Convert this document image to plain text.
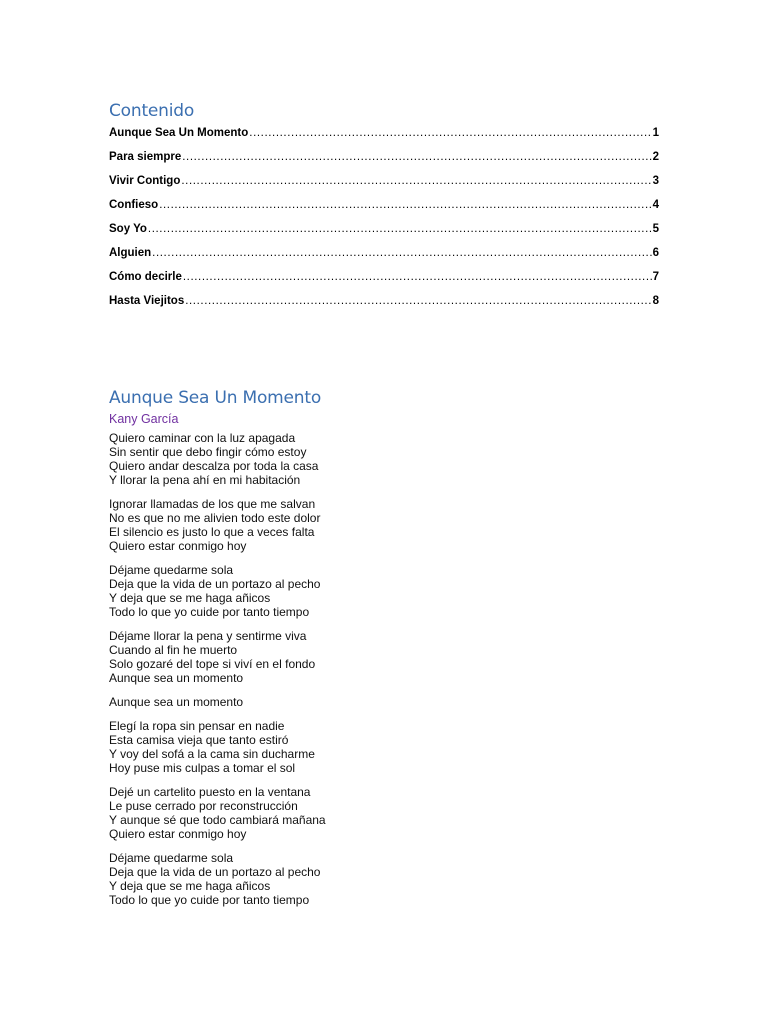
Contenido
Aunque Sea Un Momento .....	1
Para siempre .....	2
Vivir Contigo .....	3
Confieso .....	4
Soy Yo .....	5
Alguien .....	6
Cómo decirle .....	7
Hasta Viejitos .....	8
Aunque Sea Un Momento
Kany García
Quiero caminar con la luz apagada
Sin sentir que debo fingir cómo estoy
Quiero andar descalza por toda la casa
Y llorar la pena ahí en mi habitación
Ignorar llamadas de los que me salvan
No es que no me alivien todo este dolor
El silencio es justo lo que a veces falta
Quiero estar conmigo hoy
Déjame quedarme sola
Deja que la vida de un portazo al pecho
Y deja que se me haga añicos
Todo lo que yo cuide por tanto tiempo
Déjame llorar la pena y sentirme viva
Cuando al fin he muerto
Solo gozaré del tope si viví en el fondo
Aunque sea un momento
Aunque sea un momento
Elegí la ropa sin pensar en nadie
Esta camisa vieja que tanto estiró
Y voy del sofá a la cama sin ducharme
Hoy puse mis culpas a tomar el sol
Dejé un cartelito puesto en la ventana
Le puse cerrado por reconstrucción
Y aunque sé que todo cambiará mañana
Quiero estar conmigo hoy
Déjame quedarme sola
Deja que la vida de un portazo al pecho
Y deja que se me haga añicos
Todo lo que yo cuide por tanto tiempo
